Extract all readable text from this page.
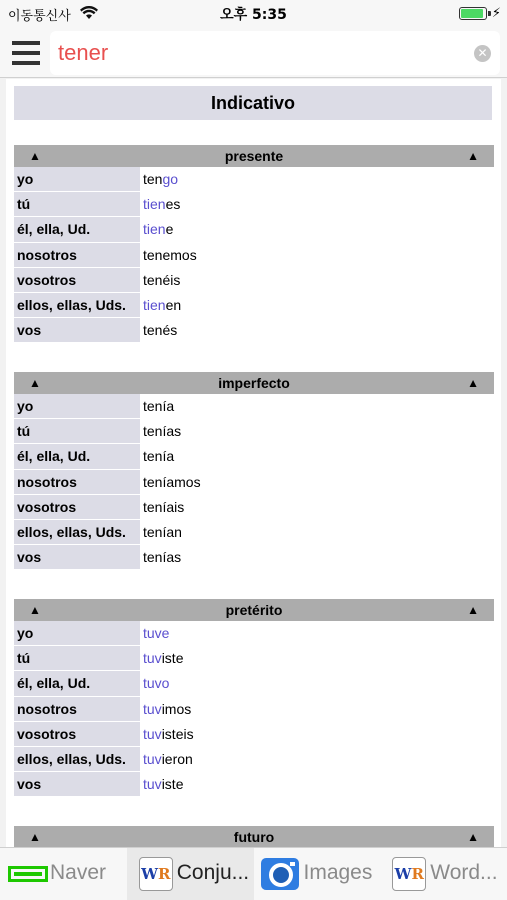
이동통신사	오후 5:35	⚡
tener	✕
Indicativo
▲	presente	▲
yo	tengo
tú	tienes
él, ella, Ud.	tiene
nosotros	tenemos
vosotros	tenéis
ellos, ellas, Uds.	tienen
vos	tenés
▲	imperfecto	▲
yo	tenía
tú	tenías
él, ella, Ud.	tenía
nosotros	teníamos
vosotros	teníais
ellos, ellas, Uds.	tenían
vos	tenías
▲	pretérito	▲
yo	tuve
tú	tuviste
él, ella, Ud.	tuvo
nosotros	tuvimos
vosotros	tuvisteis
ellos, ellas, Uds.	tuvieron
vos	tuviste
▲	futuro	▲
Naver WR Conju...	Images WR Word...
